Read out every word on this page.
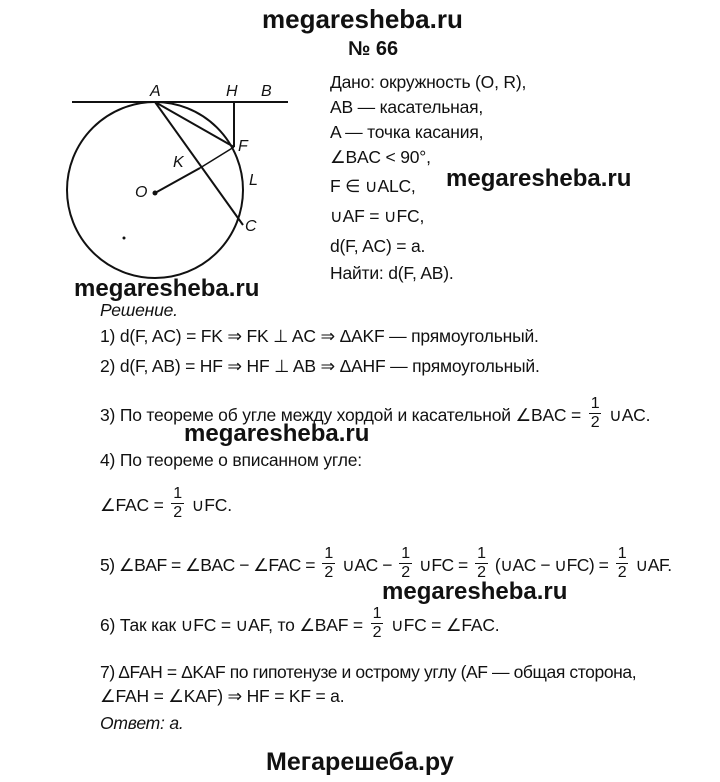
megaresheba.ru
№ 66
A	H B
F
K
O
L
C
Дано: окружность (O, R),
AB — касательная,
A — точка касания,
∠BAC < 90°,
F ∈ ∪ALC,
∪AF = ∪FC,
d(F, AC) = a.
Найти: d(F, AB).
megaresheba.ru
megaresheba.ru
Решение.
1) d(F, AC) = FK ⇒ FK ⊥ AC ⇒ ΔAKF — прямоугольный.
2) d(F, AB) = HF ⇒ HF ⊥ AB ⇒ ΔAHF — прямоугольный.
3) По теореме об угле между хордой и касательной ∠BAC = $\frac{1}{2}$ ∪AC.
megaresheba.ru
4) По теореме о вписанном угле:
∠FAC = $\frac{1}{2}$ ∪FC.
5) ∠BAF = ∠BAC − ∠FAC = $\frac{1}{2}$ ∪AC − $\frac{1}{2}$ ∪FC = $\frac{1}{2}$ (∪AC − ∪FC) = $\frac{1}{2}$ ∪AF.
megaresheba.ru
6) Так как ∪FC = ∪AF, то ∠BAF = $\frac{1}{2}$ ∪FC = ∠FAC.
7) ΔFAH = ΔKAF по гипотенузе и острому углу (AF — общая сторона,
∠FAH = ∠KAF) ⇒ HF = KF = a.
Ответ: a.
Мегарешеба.ру
